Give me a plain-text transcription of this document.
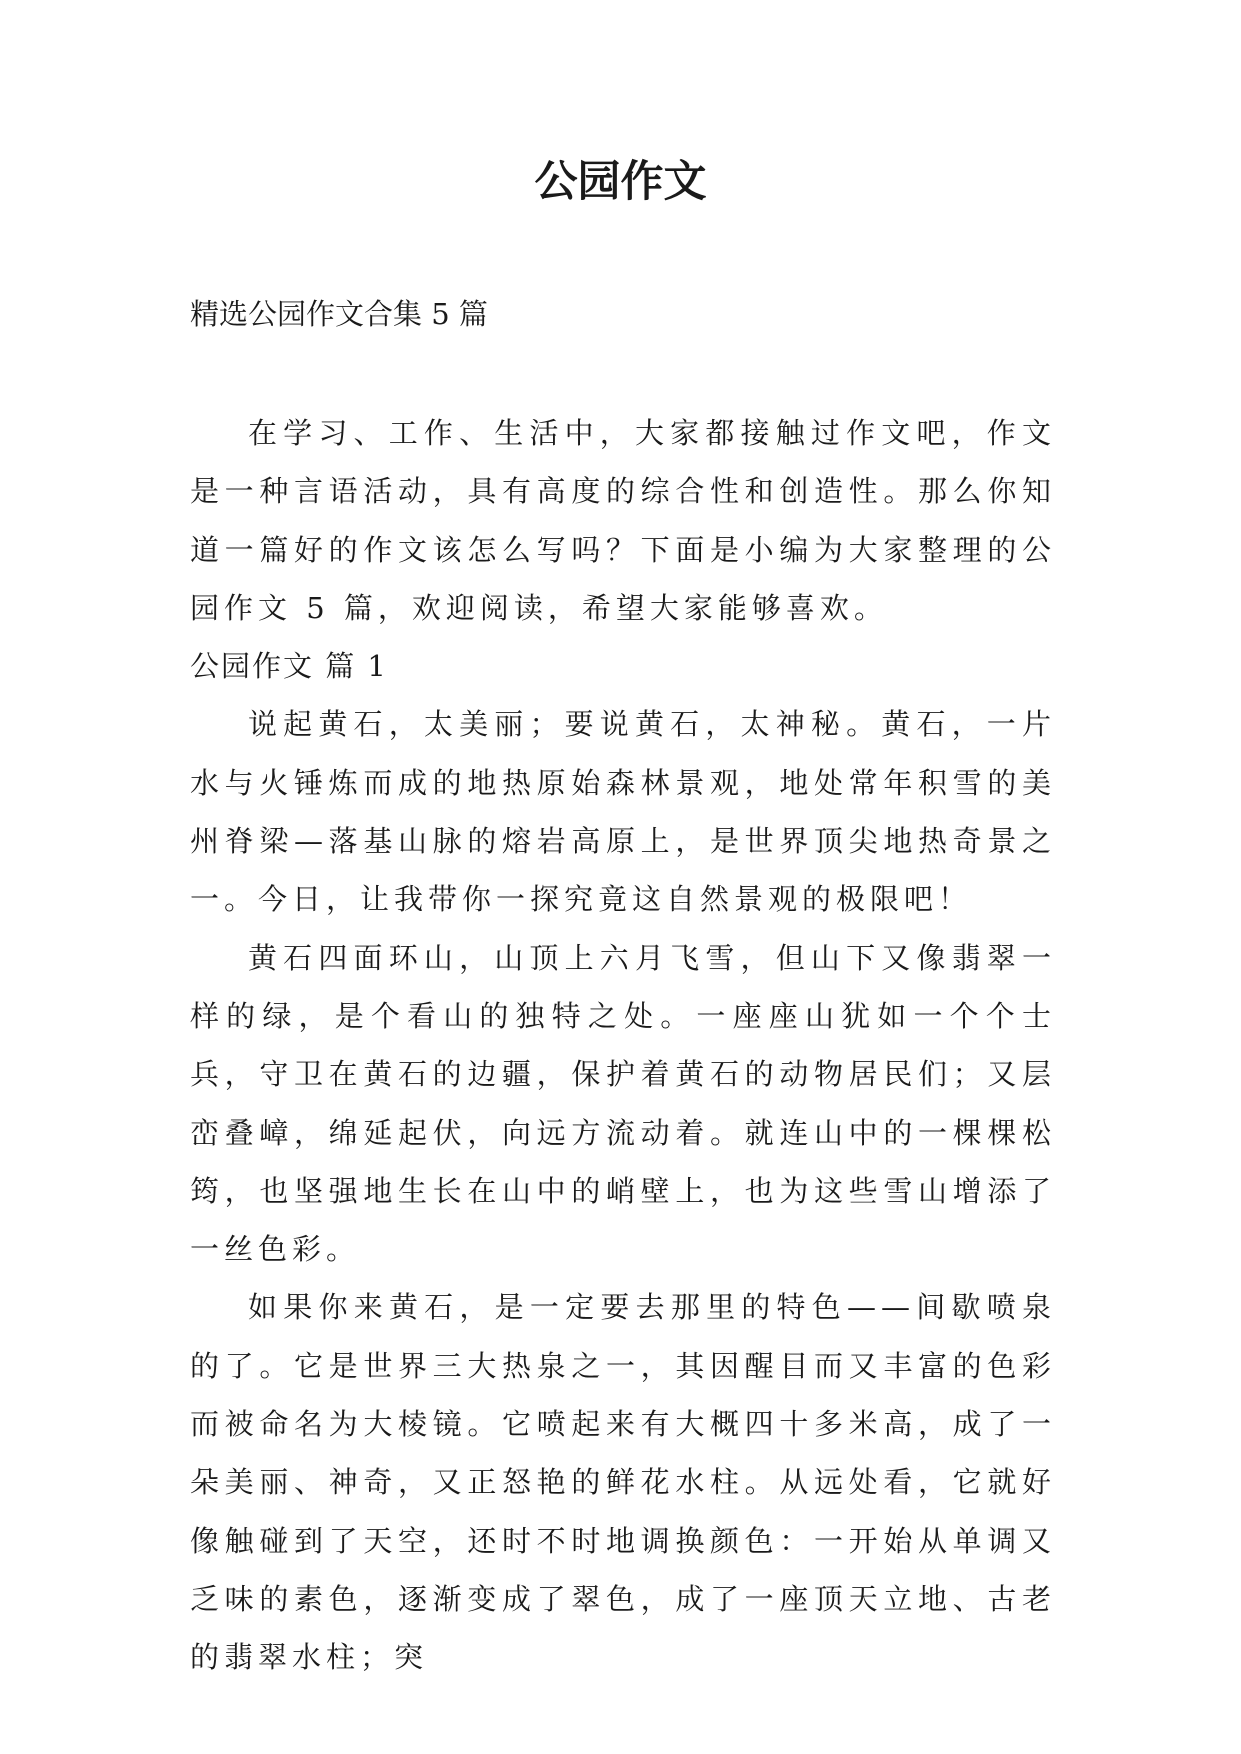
公园作文
精选公园作文合集 5 篇

在学习、工作、生活中，大家都接触过作文吧，作文是一种言语活动，具有高度的综合性和创造性。那么你知道一篇好的作文该怎么写吗？下面是小编为大家整理的公园作文 5 篇，欢迎阅读，希望大家能够喜欢。

公园作文 篇 1

说起黄石，太美丽；要说黄石，太神秘。黄石，一片水与火锤炼而成的地热原始森林景观，地处常年积雪的美州脊梁—落基山脉的熔岩高原上，是世界顶尖地热奇景之一。今日，让我带你一探究竟这自然景观的极限吧！

黄石四面环山，山顶上六月飞雪，但山下又像翡翠一样的绿，是个看山的独特之处。一座座山犹如一个个士兵，守卫在黄石的边疆，保护着黄石的动物居民们；又层峦叠嶂，绵延起伏，向远方流动着。就连山中的一棵棵松筠，也坚强地生长在山中的峭壁上，也为这些雪山增添了一丝色彩。

如果你来黄石，是一定要去那里的特色——间歇喷泉的了。它是世界三大热泉之一，其因醒目而又丰富的色彩而被命名为大棱镜。它喷起来有大概四十多米高，成了一朵美丽、神奇，又正怒艳的鲜花水柱。从远处看，它就好像触碰到了天空，还时不时地调换颜色：一开始从单调又乏味的素色，逐渐变成了翠色，成了一座顶天立地、古老的翡翠水柱；突
